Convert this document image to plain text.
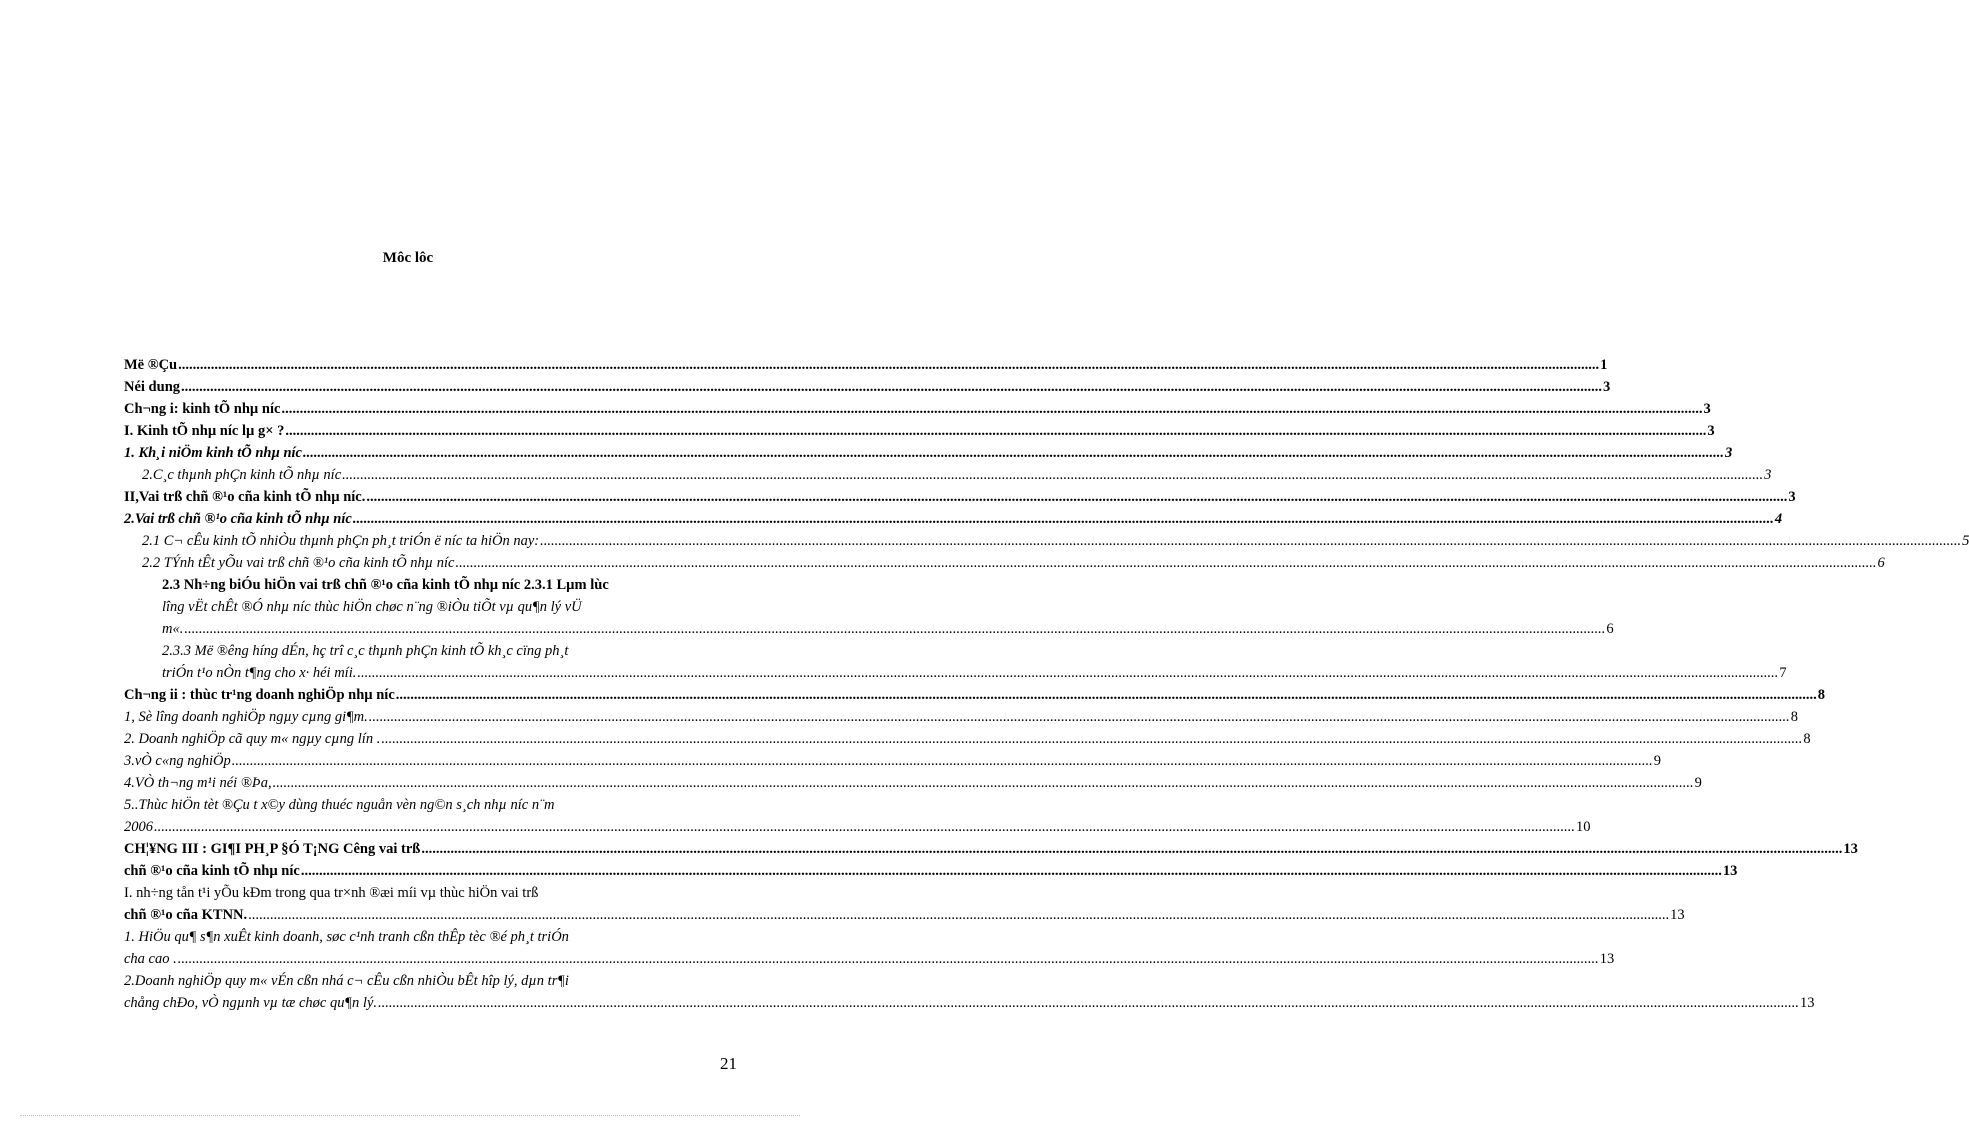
Môc lôc
Më ®Çu .....	1
Néi dung .....	3
Ch¬ng i: kinh tÕ nhµ níc .....	3
I. Kinh tÕ nhµ níc lµ g× ? .....	3
1. Kh¸i niÖm kinh tÕ nhµ níc .....	3
2.C¸c thµnh phÇn kinh tÕ nhµ níc .....	3
II,Vai trß chñ ®¹o cña kinh tÕ nhµ níc. .....	3
2.Vai trß chñ ®¹o cña kinh tÕ nhµ níc .....	4
2.1 C¬ cÊu kinh tÕ nhiÒu thµnh phÇn ph¸t triÓn ë níc ta hiÖn nay: .....	5
2.2 TÝnh tÊt yÕu vai trß chñ ®¹o cña kinh tÕ nhµ níc .....	6
2.3 Nh÷ng biÓu hiÖn vai trß chñ ®¹o cña kinh tÕ nhµ níc 2.3.1 Lµm lùc
lîng vËt chÊt ®Ó nhµ níc thùc hiÖn chøc n¨ng ®iÒu tiÕt vµ qu¶n lý vÜ
m«. .....	6
2.3.3 Më ®êng híng dÉn, hç trî c¸c thµnh phÇn kinh tÕ kh¸c cïng ph¸t
triÓn t¹o nÒn t¶ng cho x· héi míi. .....	7
Ch¬ng ii : thùc tr¹ng doanh nghiÖp nhµ níc .....	8
1, Sè lîng doanh nghiÖp ngµy cµng gi¶m. .....	8
2. Doanh nghiÖp cã quy m« ngµy cµng lín . .....	8
3.vÒ c«ng nghiÖp .....	9
4.VÒ th¬ng m¹i néi ®Þa, .....	9
5..Thùc hiÖn tèt ®Çu t x©y dùng thuéc nguån vèn ng©n s¸ch nhµ níc n¨m
2006 .....	10
CH¦¥NG III : GI¶I PH¸P §Ó T¡NG Cêng vai trß .....	13
chñ ®¹o cña kinh tÕ nhµ níc .....	13
I. nh÷ng tån t¹i yÕu kÐm trong qua tr×nh ®æi míi vµ thùc hiÖn vai trß
chñ ®¹o cña KTNN. .....	13
1. HiÖu qu¶ s¶n xuÊt kinh doanh, søc c¹nh tranh cßn thÊp tèc ®é ph¸t triÓn
cha cao . .....	13
2.Doanh nghiÖp quy m« vÉn cßn nhá c¬ cÊu cßn nhiÒu bÊt hîp lý, dµn tr¶i
chång chÐo, vÒ ngµnh vµ tæ chøc qu¶n lý. .....	13
21
